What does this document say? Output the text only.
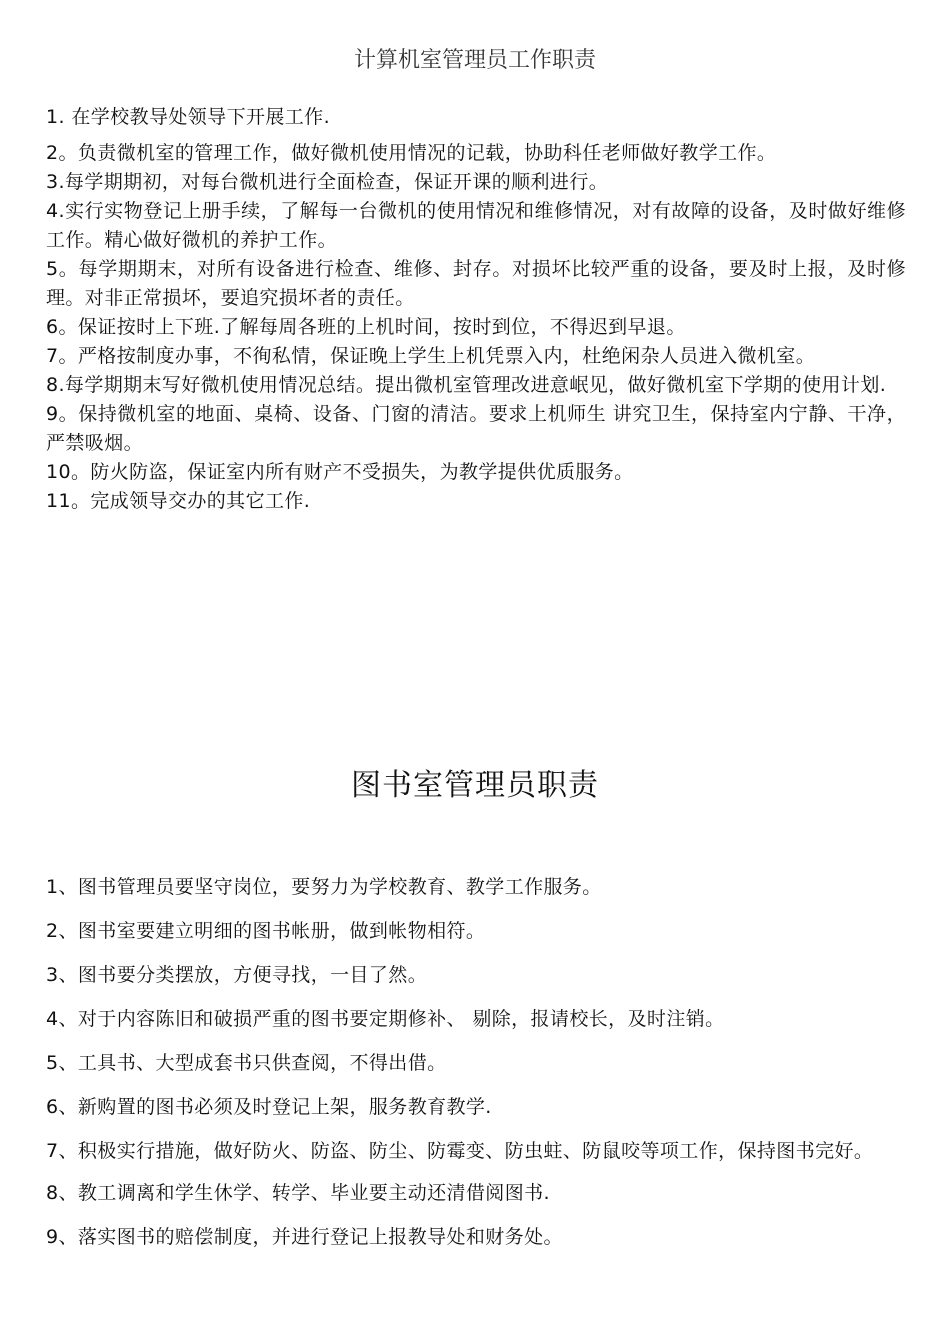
计算机室管理员工作职责

1. 在学校教导处领导下开展工作.

2。负责微机室的管理工作，做好微机使用情况的记载，协助科任老师做好教学工作。

3.每学期期初，对每台微机进行全面检查，保证开课的顺利进行。

4.实行实物登记上册手续，了解每一台微机的使用情况和维修情况，对有故障的设备，及时做好维修工作。精心做好微机的养护工作。

5。每学期期末，对所有设备进行检查、维修、封存。对损坏比较严重的设备，要及时上报，及时修理。对非正常损坏，要追究损坏者的责任。

6。保证按时上下班.了解每周各班的上机时间，按时到位，不得迟到早退。

7。严格按制度办事，不徇私情，保证晚上学生上机凭票入内，杜绝闲杂人员进入微机室。

8.每学期期末写好微机使用情况总结。提出微机室管理改进意岷见，做好微机室下学期的使用计划.

9。保持微机室的地面、桌椅、设备、门窗的清洁。要求上机师生 讲究卫生，保持室内宁静、干净，严禁吸烟。

10。防火防盗，保证室内所有财产不受损失，为教学提供优质服务。

11。完成领导交办的其它工作.

图书室管理员职责

1、图书管理员要坚守岗位，要努力为学校教育、教学工作服务。

2、图书室要建立明细的图书帐册，做到帐物相符。

3、图书要分类摆放，方便寻找，一目了然。

4、对于内容陈旧和破损严重的图书要定期修补、 剔除，报请校长，及时注销。

5、工具书、大型成套书只供查阅，不得出借。

6、新购置的图书必须及时登记上架，服务教育教学.

7、积极实行措施，做好防火、防盗、防尘、防霉变、防虫蛀、防鼠咬等项工作，保持图书完好。

8、教工调离和学生休学、转学、毕业要主动还清借阅图书.

9、落实图书的赔偿制度，并进行登记上报教导处和财务处。
